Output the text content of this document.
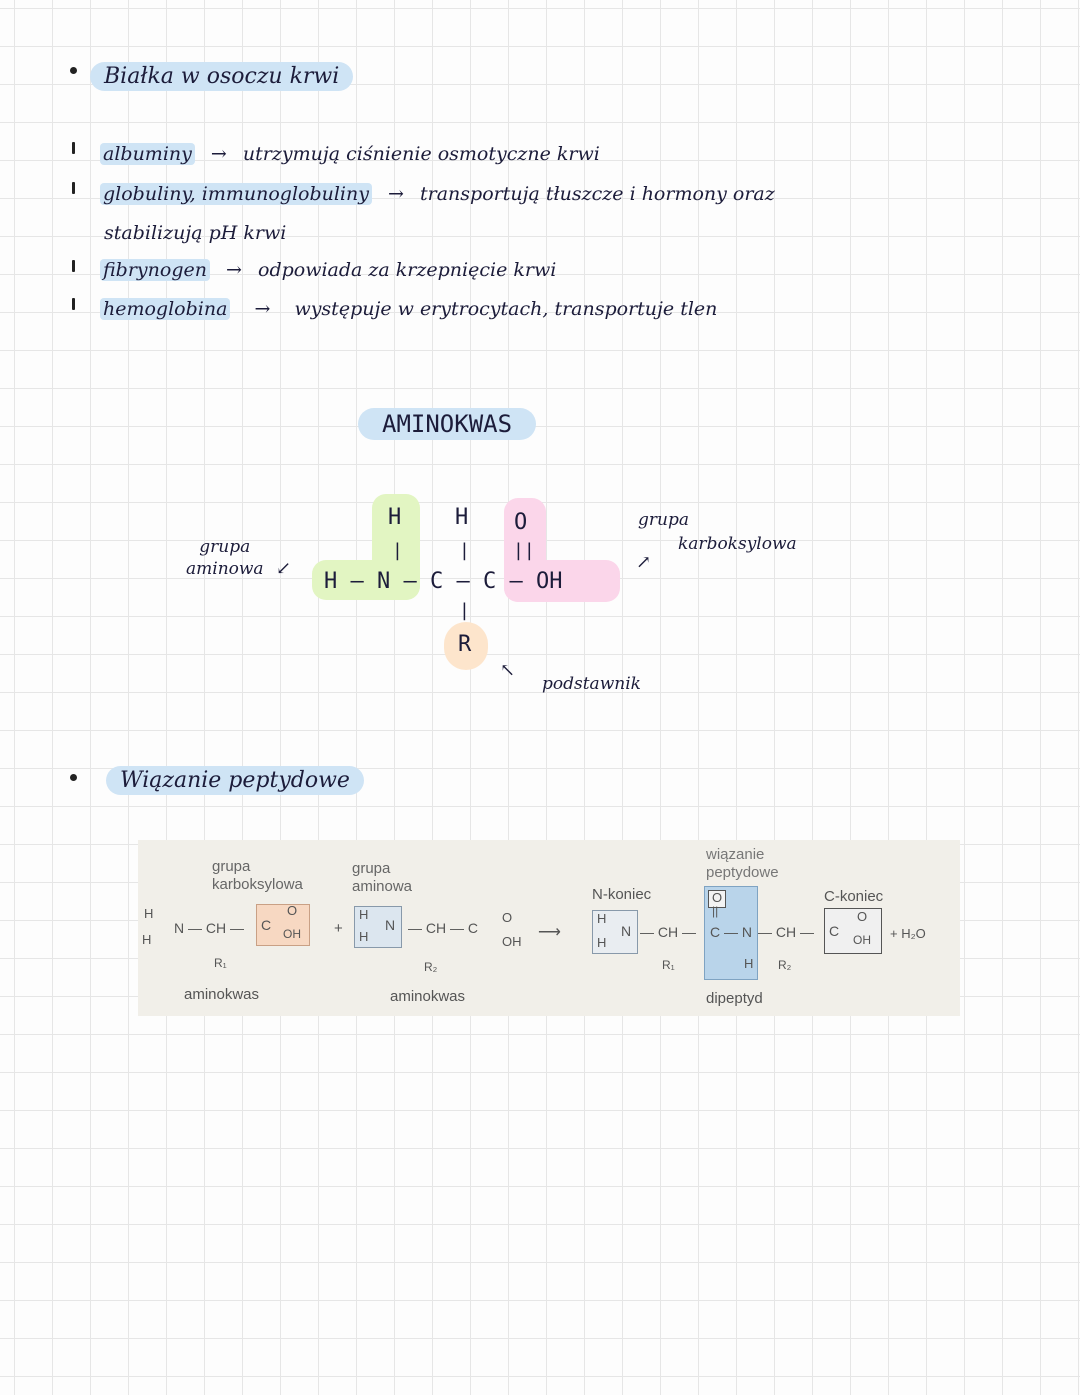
Białka w osoczu krwi
albuminy → utrzymują ciśnienie osmotyczne krwi
globuliny, immunoglobuliny → transportują tłuszcze i hormony oraz
stabilizują pH krwi
fibrynogen → odpowiada za krzepnięcie krwi
hemoglobina → występuje w erytrocytach, transportuje tlen
AMINOKWAS
H
|
H
|
O
||
H — N — C — C — OH
|
R
grupa
aminowa ↙
grupa
karboksylowa
↗
↖
podstawnik
Wiązanie peptydowe
grupa
karboksylowa
H
H
N — CH — C
O
OH
R₁
aminokwas
+
grupa
aminowa
H
H
N — CH — C
O
OH
R₂
aminokwas
⟶
N-koniec
wiązanie
peptydowe
C-koniec
H
H
N — CH —
R₁
O
||
C — N
H
— CH —
R₂
C
O
OH + H₂O
dipeptyd
